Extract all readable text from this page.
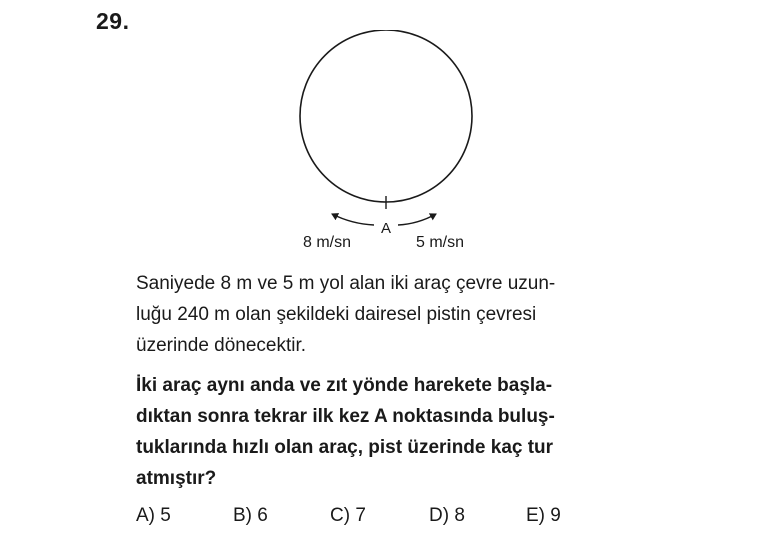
29.
A
8 m/sn	5 m/sn
Saniyede 8 m ve 5 m yol alan iki araç çevre uzun-
luğu 240 m olan şekildeki dairesel pistin çevresi
üzerinde dönecektir.
İki araç aynı anda ve zıt yönde harekete başla-
dıktan sonra tekrar ilk kez A noktasında buluş-
tuklarında hızlı olan araç, pist üzerinde kaç tur
atmıştır?
A) 5	B) 6	C) 7	D) 8	E) 9
